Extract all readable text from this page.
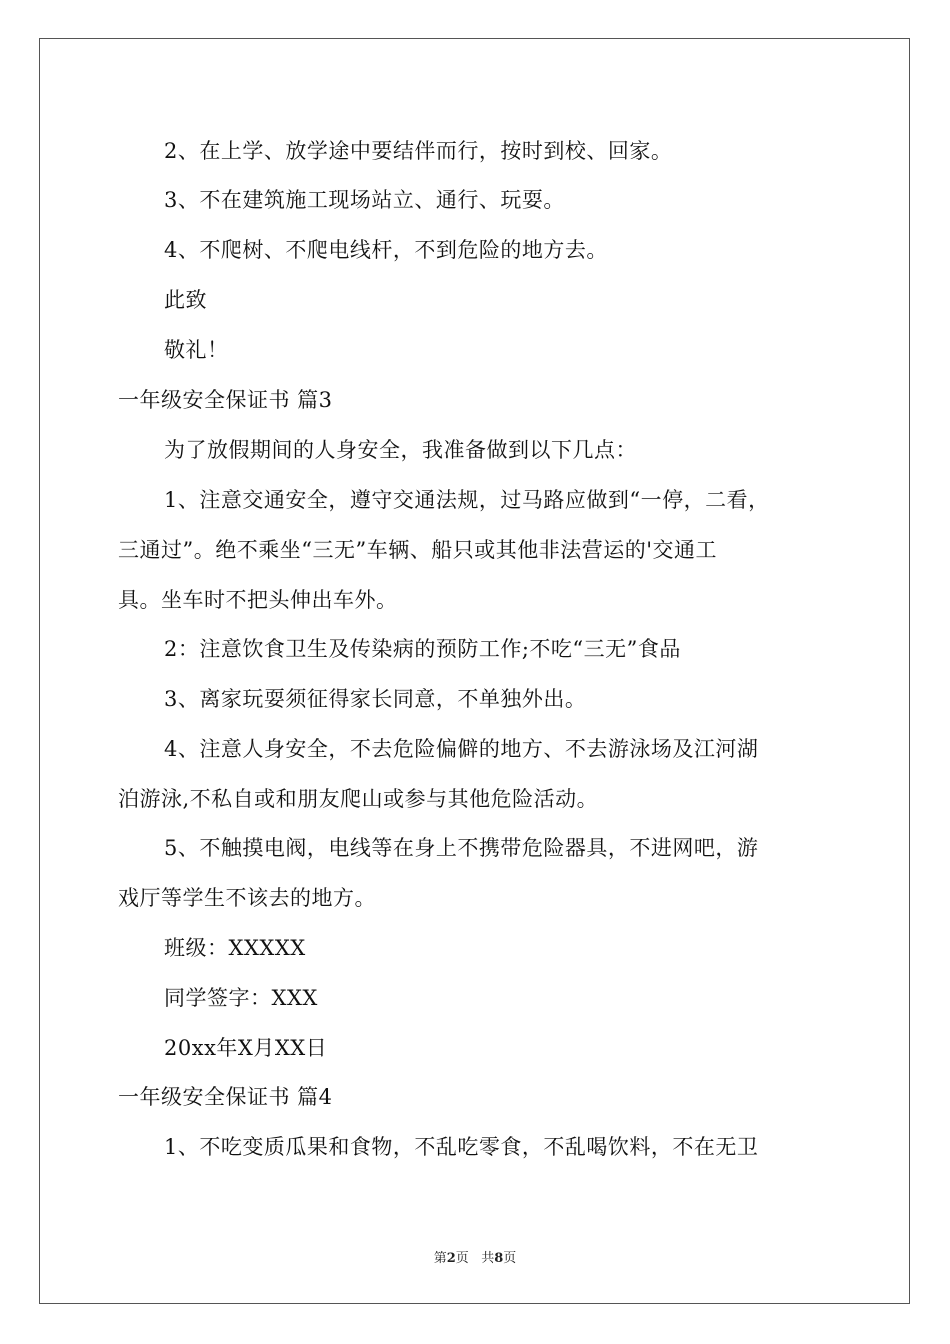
2、在上学、放学途中要结伴而行，按时到校、回家。
3、不在建筑施工现场站立、通行、玩耍。
4、不爬树、不爬电线杆，不到危险的地方去。
此致
敬礼！
一年级安全保证书 篇3
为了放假期间的人身安全，我准备做到以下几点：
1、注意交通安全，遵守交通法规，过马路应做到“一停，二看，
三通过”。绝不乘坐“三无”车辆、船只或其他非法营运的'交通工
具。坐车时不把头伸出车外。
2：注意饮食卫生及传染病的预防工作;不吃“三无”食品
3、离家玩耍须征得家长同意，不单独外出。
4、注意人身安全，不去危险偏僻的地方、不去游泳场及江河湖
泊游泳,不私自或和朋友爬山或参与其他危险活动。
5、不触摸电阀，电线等在身上不携带危险器具，不进网吧，游
戏厅等学生不该去的地方。
班级：XXXXX
同学签字：XXX
20xx年X月XX日
一年级安全保证书 篇4
1、不吃变质瓜果和食物，不乱吃零食，不乱喝饮料，不在无卫
第2页 共8页
